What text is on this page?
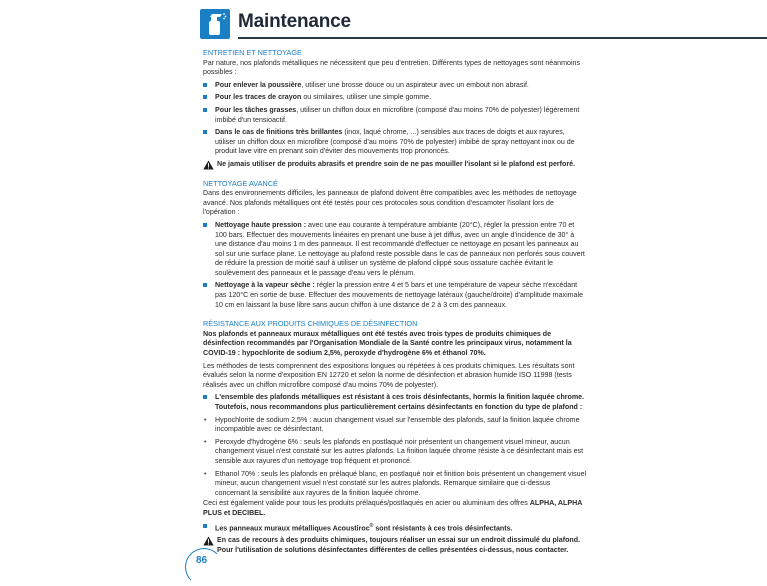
Maintenance
ENTRETIEN ET NETTOYAGE
Par nature, nos plafonds métalliques ne nécessitent que peu d'entretien. Différents types de nettoyages sont néanmoins possibles :
Pour enlever la poussière, utiliser une brosse douce ou un aspirateur avec un embout non abrasif.
Pour les traces de crayon ou similaires, utiliser une simple gomme.
Pour les tâches grasses, utiliser un chiffon doux en microfibre (composé d'au moins 70% de polyester) légèrement imbibé d'un tensioactif.
Dans le cas de finitions très brillantes (inox, laqué chrome, ...) sensibles aux traces de doigts et aux rayures, utiliser un chiffon doux en microfibre (composé d'au moins 70% de polyester) imbibé de spray nettoyant inox ou de produit lave vitre en prenant soin d'éviter des mouvements trop prononcés.
Ne jamais utiliser de produits abrasifs et prendre soin de ne pas mouiller l'isolant si le plafond est perforé.
NETTOYAGE AVANCÉ
Dans des environnements difficiles, les panneaux de plafond doivent être compatibles avec les méthodes de nettoyage avancé. Nos plafonds métalliques ont été testés pour ces protocoles sous condition d'escamoter l'isolant lors de l'opération :
Nettoyage haute pression : avec une eau courante à température ambiante (20°C), régler la pression entre 70 et 100 bars. Effectuer des mouvements linéaires en prenant une buse à jet diffus, avec un angle d'incidence de 30° à une distance d'au moins 1 m des panneaux. Il est recommandé d'effectuer ce nettoyage en posant les panneaux au sol sur une surface plane. Le nettoyage au plafond reste possible dans le cas de panneaux non perforés sous couvert de réduire la pression de moitié sauf à utiliser un système de plafond clippé sous ossature cachée évitant le soulèvement des panneaux et le passage d'eau vers le plénum.
Nettoyage à la vapeur sèche : régler la pression entre 4 et 5 bars et une température de vapeur sèche n'excédant pas 120°C en sortie de buse. Effectuer des mouvements de nettoyage latéraux (gauche/droite) d'amplitude maximale 10 cm en laissant la buse libre sans aucun chiffon à une distance de 2 à 3 cm des panneaux.
RÉSISTANCE AUX PRODUITS CHIMIQUES DE DÉSINFECTION
Nos plafonds et panneaux muraux métalliques ont été testés avec trois types de produits chimiques de désinfection recommandés par l'Organisation Mondiale de la Santé contre les principaux virus, notamment la COVID-19 : hypochlorite de sodium 2,5%, peroxyde d'hydrogène 6% et éthanol 70%.
Les méthodes de tests comprennent des expositions longues ou répétées à ces produits chimiques. Les résultats sont évalués selon la norme d'exposition EN 12720 et selon la norme de désinfection et abrasion humide ISO 11998 (tests réalisés avec un chiffon microfibre composé d'au moins 70% de polyester).
L'ensemble des plafonds métalliques est résistant à ces trois désinfectants, hormis la finition laquée chrome. Toutefois, nous recommandons plus particulièrement certains désinfectants en fonction du type de plafond :
• Hypochlorite de sodium 2,5% : aucun changement visuel sur l'ensemble des plafonds, sauf la finition laquée chrome incompatible avec ce désinfectant.
• Peroxyde d'hydrogène 6% : seuls les plafonds en postlaqué noir présentent un changement visuel mineur, aucun changement visuel n'est constaté sur les autres plafonds. La finition laquée chrome résiste à ce désinfectant mais est sensible aux rayures d'un nettoyage trop fréquent et prononcé.
• Ethanol 70% : seuls les plafonds en prélaqué blanc, en postlaqué noir et finition bois présentent un changement visuel mineur, aucun changement visuel n'est constaté sur les autres plafonds. Remarque similaire que ci-dessus concernant la sensibilité aux rayures de la finition laquée chrome.
Ceci est également valide pour tous les produits prélaqués/postlaqués en acier ou aluminium des offres ALPHA, ALPHA PLUS et DECIBEL.
Les panneaux muraux métalliques Acoustiroc® sont résistants à ces trois désinfectants.
En cas de recours à des produits chimiques, toujours réaliser un essai sur un endroit dissimulé du plafond. Pour l'utilisation de solutions désinfectantes différentes de celles présentées ci-dessus, nous contacter.
86
